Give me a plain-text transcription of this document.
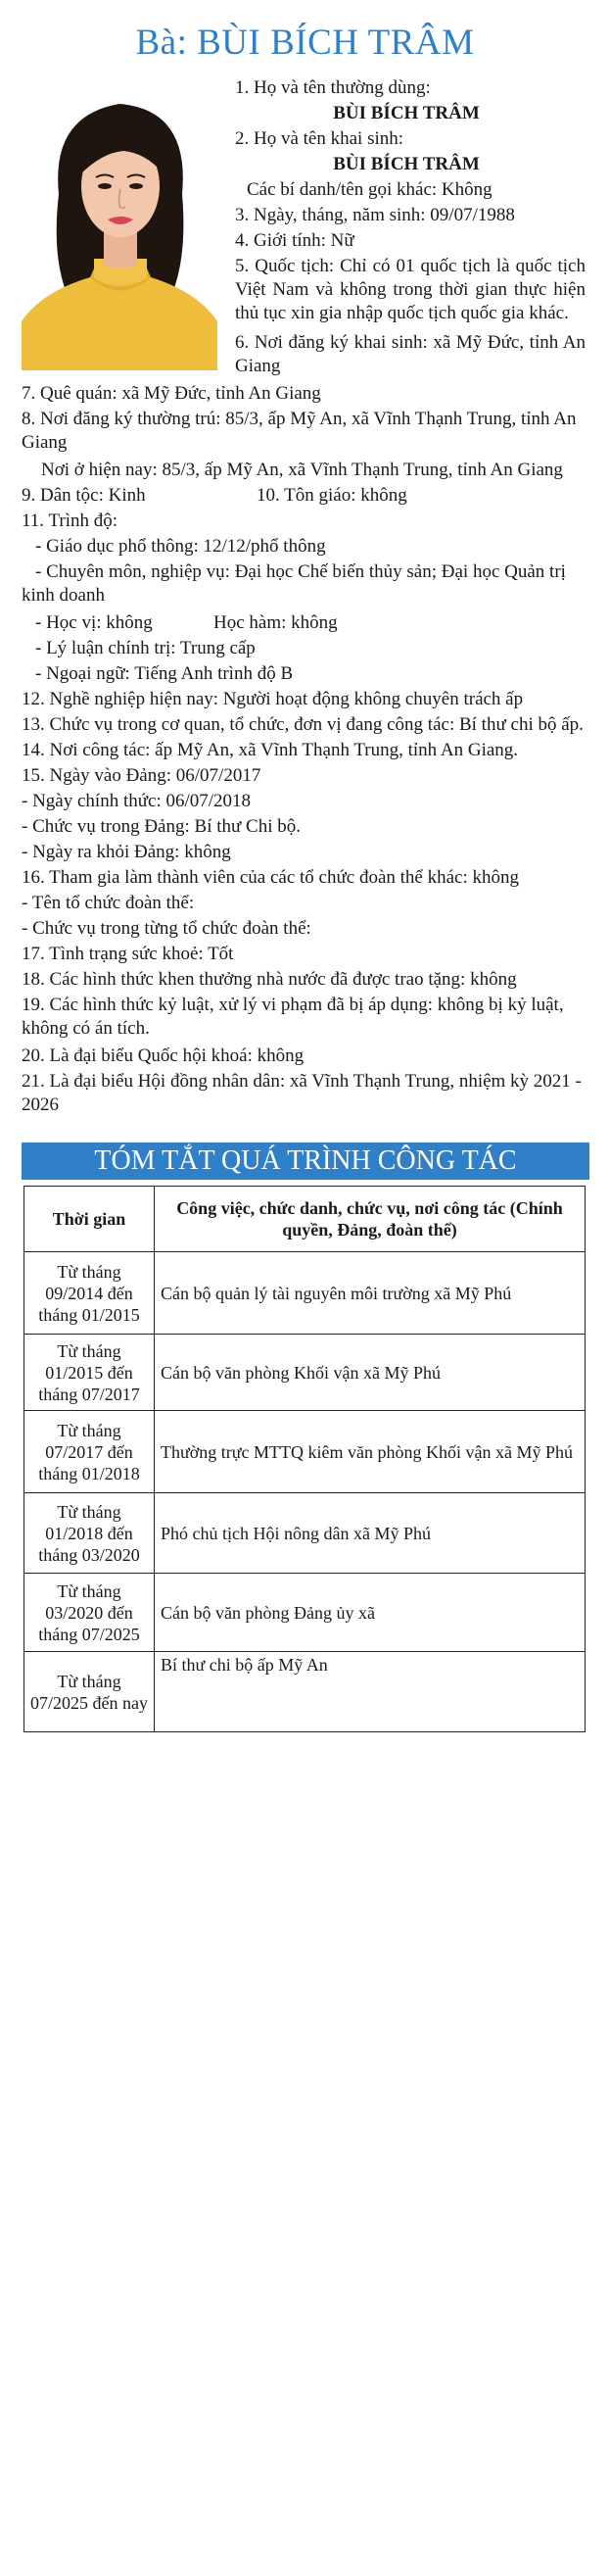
Bà: BÙI BÍCH TRÂM
1. Họ và tên thường dùng:
BÙI BÍCH TRÂM
2. Họ và tên khai sinh:
BÙI BÍCH TRÂM
Các bí danh/tên gọi khác: Không
3. Ngày, tháng, năm sinh: 09/07/1988
4. Giới tính: Nữ
5. Quốc tịch: Chỉ có 01 quốc tịch là quốc tịch Việt Nam và không trong thời gian thực hiện thủ tục xin gia nhập quốc tịch quốc gia khác.
6. Nơi đăng ký khai sinh: xã Mỹ Đức, tỉnh An Giang
7. Quê quán: xã Mỹ Đức, tỉnh An Giang
8. Nơi đăng ký thường trú: 85/3, ấp Mỹ An, xã Vĩnh Thạnh Trung, tỉnh An Giang
Nơi ở hiện nay: 85/3, ấp Mỹ An, xã Vĩnh Thạnh Trung, tỉnh An Giang
9. Dân tộc: Kinh	10. Tôn giáo: không
11. Trình độ:
- Giáo dục phổ thông: 12/12/phổ thông
- Chuyên môn, nghiệp vụ: Đại học Chế biến thủy sản; Đại học Quản trị kinh doanh
- Học vị: không	Học hàm: không
- Lý luận chính trị: Trung cấp
- Ngoại ngữ: Tiếng Anh trình độ B
12. Nghề nghiệp hiện nay: Người hoạt động không chuyên trách ấp
13. Chức vụ trong cơ quan, tổ chức, đơn vị đang công tác: Bí thư chi bộ ấp.
14. Nơi công tác: ấp Mỹ An, xã Vĩnh Thạnh Trung, tỉnh An Giang.
15. Ngày vào Đảng: 06/07/2017
- Ngày chính thức: 06/07/2018
- Chức vụ trong Đảng: Bí thư Chi bộ.
- Ngày ra khỏi Đảng: không
16. Tham gia làm thành viên của các tổ chức đoàn thể khác: không
- Tên tổ chức đoàn thể:
- Chức vụ trong từng tổ chức đoàn thể:
17. Tình trạng sức khoẻ: Tốt
18. Các hình thức khen thưởng nhà nước đã được trao tặng: không
19. Các hình thức kỷ luật, xử lý vi phạm đã bị áp dụng: không bị kỷ luật, không có án tích.
20. Là đại biểu Quốc hội khoá: không
21. Là đại biểu Hội đồng nhân dân: xã Vĩnh Thạnh Trung, nhiệm kỳ 2021 - 2026
TÓM TẮT QUÁ TRÌNH CÔNG TÁC
Thời gian	Công việc, chức danh, chức vụ, nơi công tác (Chính quyền, Đảng, đoàn thể)
Từ tháng 09/2014 đến tháng 01/2015	Cán bộ quản lý tài nguyên môi trường xã Mỹ Phú
Từ tháng 01/2015 đến tháng 07/2017	Cán bộ văn phòng Khối vận xã Mỹ Phú
Từ tháng 07/2017 đến tháng 01/2018	Thường trực MTTQ kiêm văn phòng Khối vận xã Mỹ Phú
Từ tháng 01/2018 đến tháng 03/2020	Phó chủ tịch Hội nông dân xã Mỹ Phú
Từ tháng 03/2020 đến tháng 07/2025	Cán bộ văn phòng Đảng ủy xã
Từ tháng 07/2025 đến nay	Bí thư chi bộ ấp Mỹ An
